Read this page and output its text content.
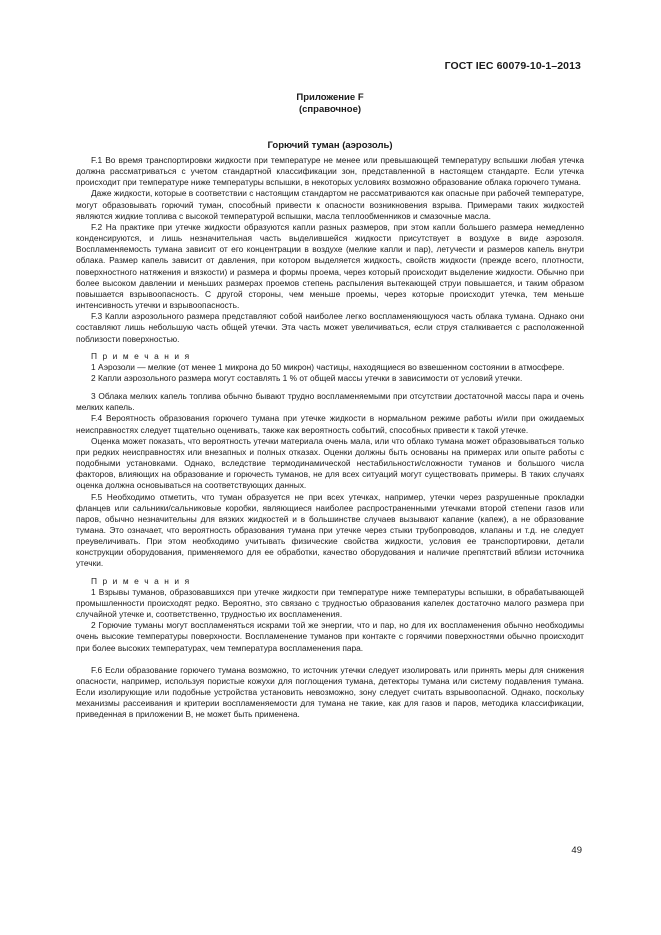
ГОСТ IEC 60079-10-1–2013
Приложение F
(справочное)
Горючий туман (аэрозоль)

F.1 Во время транспортировки жидкости при температуре не менее или превышающей температуру вспышки любая утечка должна рассматриваться с учетом стандартной классификации зон, представленной в настоящем стандарте. Если утечка происходит при температуре ниже температуры вспышки, в некоторых условиях возможно образование облака горючего тумана.

Даже жидкости, которые в соответствии с настоящим стандартом не рассматриваются как опасные при рабочей температуре, могут образовывать горючий туман, способный привести к опасности возникновения взрыва. Примерами таких жидкостей являются жидкие топлива с высокой температурой вспышки, масла теплообменников и смазочные масла.

F.2 На практике при утечке жидкости образуются капли разных размеров, при этом капли большего размера немедленно конденсируются, и лишь незначительная часть выделившейся жидкости присутствует в воздухе в виде аэрозоля. Воспламеняемость тумана зависит от его концентрации в воздухе (мелкие капли и пар), летучести и размеров капель внутри облака. Размер капель зависит от давления, при котором выделяется жидкость, свойств жидкости (прежде всего, плотности, поверхностного натяжения и вязкости) и размера и формы проема, через который происходит выделение жидкости. Обычно при более высоком давлении и меньших размерах проемов степень распыления вытекающей струи повышается, и таким образом повышается взрывоопасность. С другой стороны, чем меньше проемы, через которые происходит утечка, тем меньше интенсивность утечки и взрывоопасность.

F.3 Капли аэрозольного размера представляют собой наиболее легко воспламеняющуюся часть облака тумана. Однако они составляют лишь небольшую часть общей утечки. Эта часть может увеличиваться, если струя сталкивается с расположенной поблизости поверхностью.

П р и м е ч а н и я

1 Аэрозоли — мелкие (от менее 1 микрона до 50 микрон) частицы, находящиеся во взвешенном состоянии в атмосфере.

2 Капли аэрозольного размера могут составлять 1 % от общей массы утечки в зависимости от условий утечки.

3 Облака мелких капель топлива обычно бывают трудно воспламеняемыми при отсутствии достаточной массы пара и очень мелких капель.

F.4 Вероятность образования горючего тумана при утечке жидкости в нормальном режиме работы и/или при ожидаемых неисправностях следует тщательно оценивать, также как вероятность событий, способных привести к такой утечке.

Оценка может показать, что вероятность утечки материала очень мала, или что облако тумана может образовываться только при редких неисправностях или внезапных и полных отказах. Оценки должны быть основаны на примерах или опыте работы с подобными установками. Однако, вследствие термодинамической нестабильности/сложности туманов и большого числа факторов, влияющих на образование и горючесть туманов, не для всех ситуаций могут существовать примеры. В таких случаях оценка должна основываться на соответствующих данных.

F.5 Необходимо отметить, что туман образуется не при всех утечках, например, утечки через разрушенные прокладки фланцев или сальники/сальниковые коробки, являющиеся наиболее распространенными утечками второй степени газов или паров, обычно незначительны для вязких жидкостей и в большинстве случаев вызывают капание (капеж), а не образование тумана. Это означает, что вероятность образования тумана при утечке через стыки трубопроводов, клапаны и т.д. не следует преувеличивать. При этом необходимо учитывать физические свойства жидкости, условия ее транспортировки, детали конструкции оборудования, применяемого для ее обработки, качество оборудования и наличие препятствий вблизи источника утечки.

П р и м е ч а н и я

1 Взрывы туманов, образовавшихся при утечке жидкости при температуре ниже температуры вспышки, в обрабатывающей промышленности происходят редко. Вероятно, это связано с трудностью образования капелек достаточно малого размера при случайной утечке и, соответственно, трудностью их воспламенения.

2 Горючие туманы могут воспламеняться искрами той же энергии, что и пар, но для их воспламенения обычно необходимы очень высокие температуры поверхности. Воспламенение туманов при контакте с горячими поверхностями обычно происходит при более высоких температурах, чем температура воспламенения пара.

F.6 Если образование горючего тумана возможно, то источник утечки следует изолировать или принять меры для снижения опасности, например, используя пористые кожухи для поглощения тумана, детекторы тумана или систему подавления тумана. Если изолирующие или подобные устройства установить невозможно, зону следует считать взрывоопасной. Однако, поскольку механизмы рассеивания и критерии воспламеняемости для тумана не такие, как для газов и паров, методика классификации, приведенная в приложении В, не может быть применена.

49
